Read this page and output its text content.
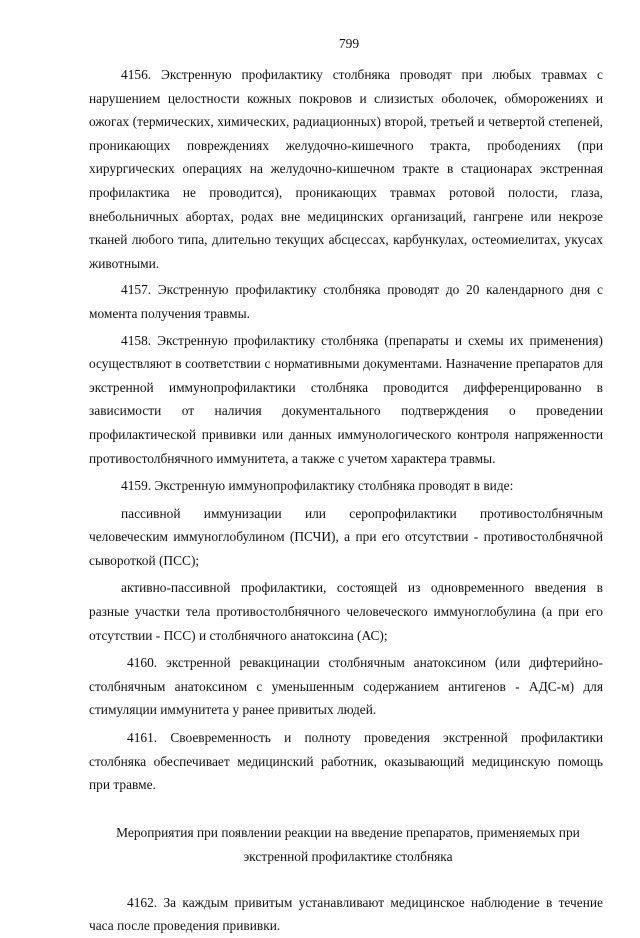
799

4156. Экстренную профилактику столбняка проводят при любых травмах с нарушением целостности кожных покровов и слизистых оболочек, обморожениях и ожогах (термических, химических, радиационных) второй, третьей и четвертой степеней, проникающих повреждениях желудочно-кишечного тракта, прободениях (при хирургических операциях на желудочно-кишечном тракте в стационарах экстренная профилактика не проводится), проникающих травмах ротовой полости, глаза, внебольничных абортах, родах вне медицинских организаций, гангрене или некрозе тканей любого типа, длительно текущих абсцессах, карбункулах, остеомиелитах, укусах животными.

4157. Экстренную профилактику столбняка проводят до 20 календарного дня с момента получения травмы.

4158. Экстренную профилактику столбняка (препараты и схемы их применения) осуществляют в соответствии с нормативными документами. Назначение препаратов для экстренной иммунопрофилактики столбняка проводится дифференцированно в зависимости от наличия документального подтверждения о проведении профилактической прививки или данных иммунологического контроля напряженности противостолбнячного иммунитета, а также с учетом характера травмы.

4159. Экстренную иммунопрофилактику столбняка проводят в виде:

пассивной иммунизации или серопрофилактики противостолбнячным человеческим иммуноглобулином (ПСЧИ), а при его отсутствии - противостолбнячной сывороткой (ПСС);

активно-пассивной профилактики, состоящей из одновременного введения в разные участки тела противостолбнячного человеческого иммуноглобулина (а при его отсутствии - ПСС) и столбнячного анатоксина (АС);

4160. экстренной ревакцинации столбнячным анатоксином (или дифтерийно-столбнячным анатоксином с уменьшенным содержанием антигенов - АДС-м) для стимуляции иммунитета у ранее привитых людей.

4161. Своевременность и полноту проведения экстренной профилактики столбняка обеспечивает медицинский работник, оказывающий медицинскую помощь при травме.

Мероприятия при появлении реакции на введение препаратов, применяемых при
экстренной профилактике столбняка

4162. За каждым привитым устанавливают медицинское наблюдение в течение часа после проведения прививки.
